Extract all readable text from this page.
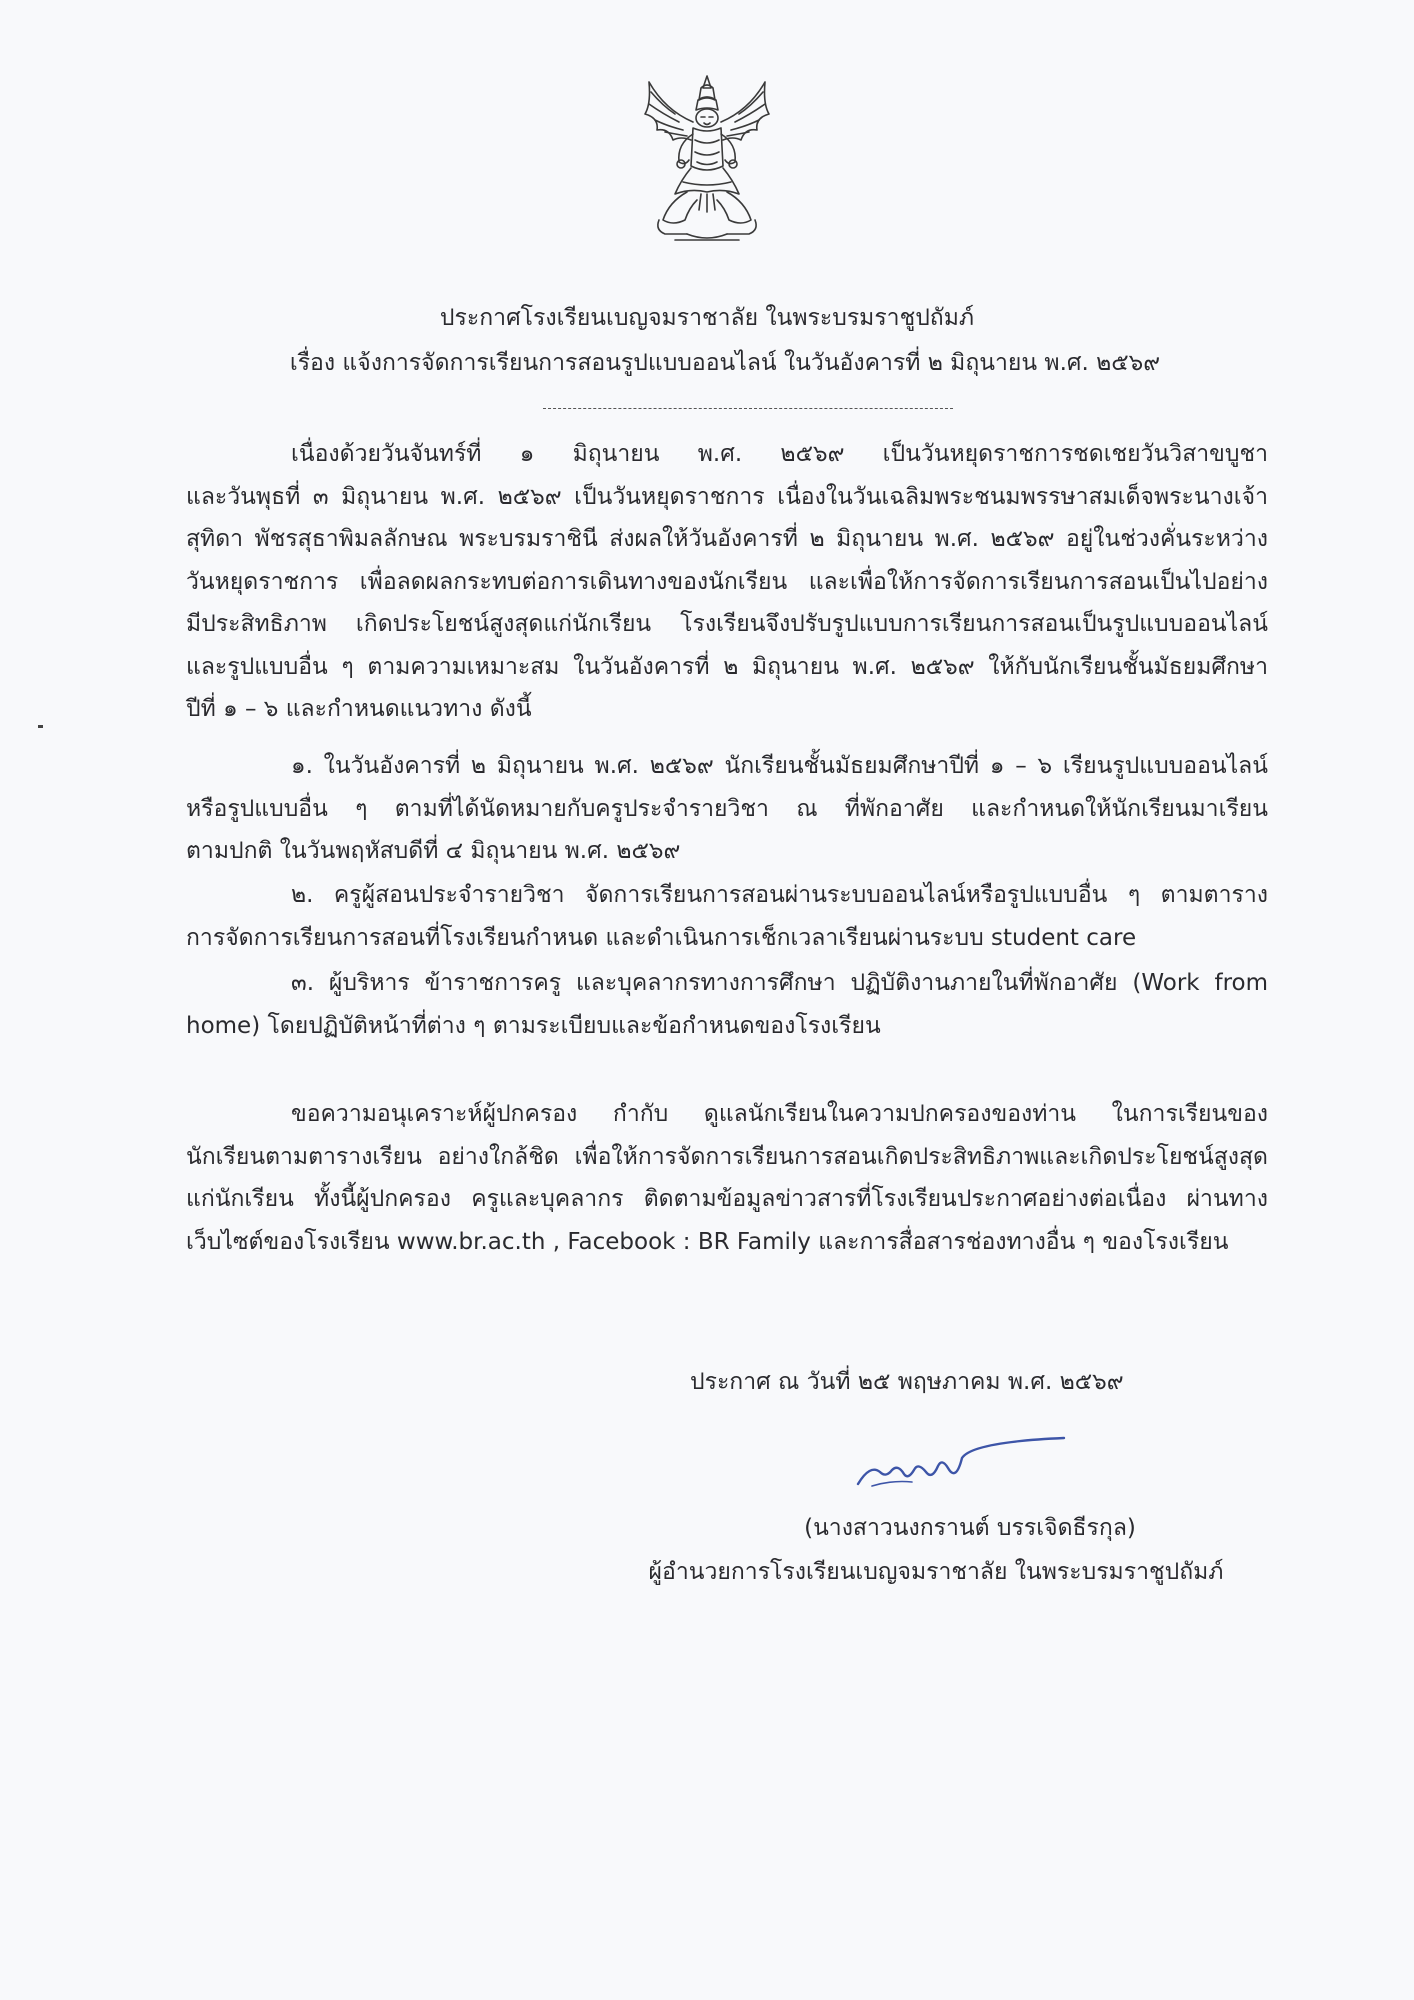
ประกาศโรงเรียนเบญจมราชาลัย ในพระบรมราชูปถัมภ์
เรื่อง แจ้งการจัดการเรียนการสอนรูปแบบออนไลน์ ในวันอังคารที่ ๒ มิถุนายน พ.ศ. ๒๕๖๙
เนื่องด้วยวันจันทร์ที่ ๑ มิถุนายน พ.ศ. ๒๕๖๙ เป็นวันหยุดราชการชดเชยวันวิสาขบูชา
และวันพุธที่ ๓ มิถุนายน พ.ศ. ๒๕๖๙ เป็นวันหยุดราชการ เนื่องในวันเฉลิมพระชนมพรรษาสมเด็จพระนางเจ้า
สุทิดา พัชรสุธาพิมลลักษณ พระบรมราชินี ส่งผลให้วันอังคารที่ ๒ มิถุนายน พ.ศ. ๒๕๖๙ อยู่ในช่วงคั่นระหว่าง
วันหยุดราชการ เพื่อลดผลกระทบต่อการเดินทางของนักเรียน และเพื่อให้การจัดการเรียนการสอนเป็นไปอย่าง
มีประสิทธิภาพ เกิดประโยชน์สูงสุดแก่นักเรียน โรงเรียนจึงปรับรูปแบบการเรียนการสอนเป็นรูปแบบออนไลน์
และรูปแบบอื่น ๆ ตามความเหมาะสม ในวันอังคารที่ ๒ มิถุนายน พ.ศ. ๒๕๖๙ ให้กับนักเรียนชั้นมัธยมศึกษา
ปีที่ ๑ – ๖ และกำหนดแนวทาง ดังนี้
๑. ในวันอังคารที่ ๒ มิถุนายน พ.ศ. ๒๕๖๙ นักเรียนชั้นมัธยมศึกษาปีที่ ๑ – ๖ เรียนรูปแบบออนไลน์
หรือรูปแบบอื่น ๆ ตามที่ได้นัดหมายกับครูประจำรายวิชา ณ ที่พักอาศัย และกำหนดให้นักเรียนมาเรียน
ตามปกติ ในวันพฤหัสบดีที่ ๔ มิถุนายน พ.ศ. ๒๕๖๙
๒. ครูผู้สอนประจำรายวิชา จัดการเรียนการสอนผ่านระบบออนไลน์หรือรูปแบบอื่น ๆ ตามตาราง
การจัดการเรียนการสอนที่โรงเรียนกำหนด และดำเนินการเช็กเวลาเรียนผ่านระบบ student care
๓. ผู้บริหาร ข้าราชการครู และบุคลากรทางการศึกษา ปฏิบัติงานภายในที่พักอาศัย (Work from
home) โดยปฏิบัติหน้าที่ต่าง ๆ ตามระเบียบและข้อกำหนดของโรงเรียน
ขอความอนุเคราะห์ผู้ปกครอง กำกับ ดูแลนักเรียนในความปกครองของท่าน ในการเรียนของ
นักเรียนตามตารางเรียน อย่างใกล้ชิด เพื่อให้การจัดการเรียนการสอนเกิดประสิทธิภาพและเกิดประโยชน์สูงสุด
แก่นักเรียน ทั้งนี้ผู้ปกครอง ครูและบุคลากร ติดตามข้อมูลข่าวสารที่โรงเรียนประกาศอย่างต่อเนื่อง ผ่านทาง
เว็บไซต์ของโรงเรียน www.br.ac.th , Facebook : BR Family และการสื่อสารช่องทางอื่น ๆ ของโรงเรียน
ประกาศ ณ วันที่ ๒๕ พฤษภาคม พ.ศ. ๒๕๖๙
(นางสาวนงกรานต์ บรรเจิดธีรกุล)
ผู้อำนวยการโรงเรียนเบญจมราชาลัย ในพระบรมราชูปถัมภ์
